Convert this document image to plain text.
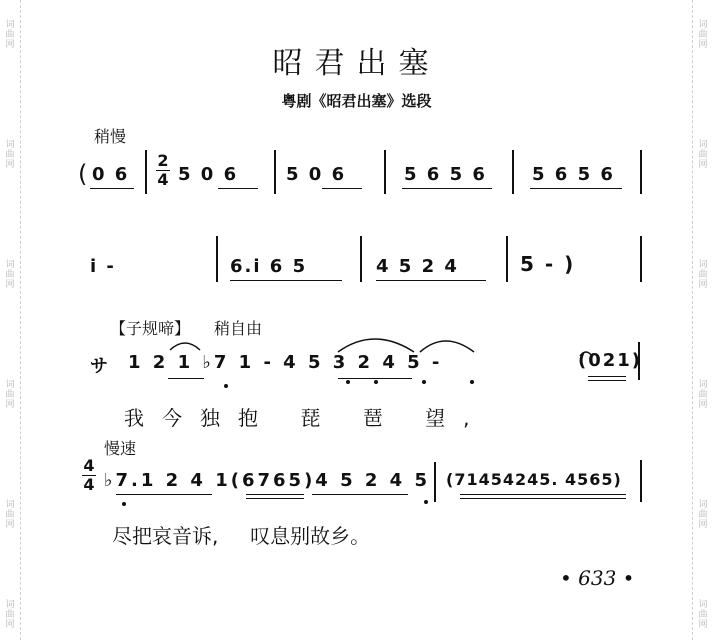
词曲网
词曲网
词曲网
词曲网
词曲网
词曲网
词曲网
词曲网
词曲网
词曲网
词曲网
词曲网
昭君出塞
粤剧《昭君出塞》选段
稍慢
( 0 6
2
4 5 0 6	5 0 6	5 6 5 6	5 6 5 6
i -	6.i 6 5	4 5 2 4	5 - )
【子规啼】 稍自由
サ 1 2 1 ♭7 1 - 4 5 3 2 4 5 -	(021)
我今独抱 琵 琶 望,
慢速
4
4 ♭7.1 2 4 1(6765)4 5 2 4 5 (71454245. 4565)
尽把哀音诉,     叹息别故乡。
• 633 •
